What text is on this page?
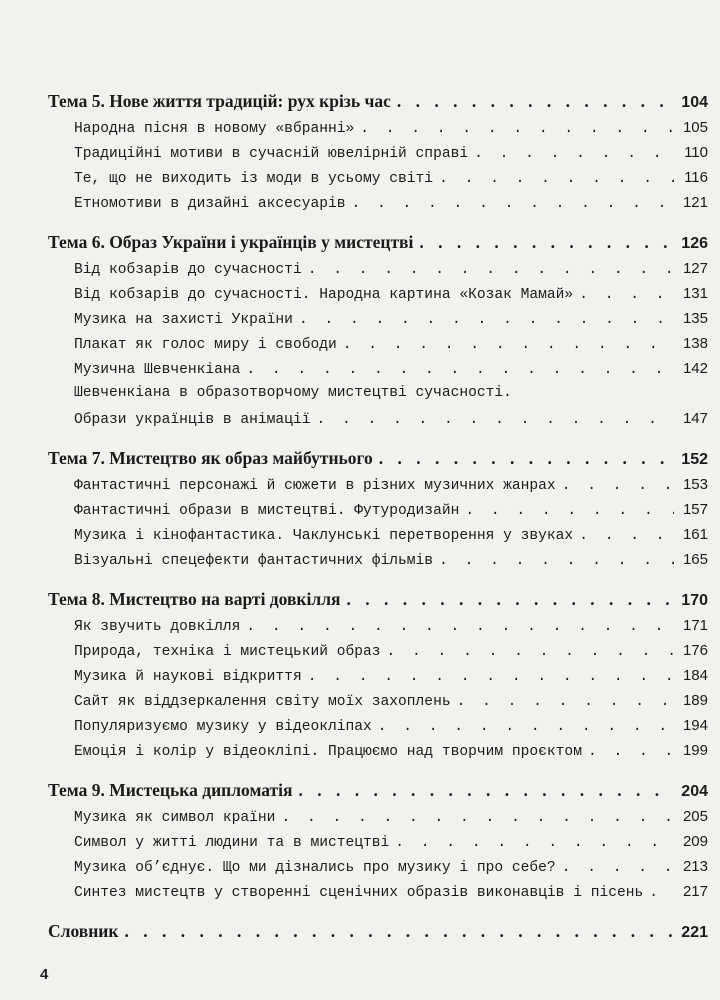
Тема 5. Нове життя традицій: рух крізь час . . .	104
Народна пісня в новому «вбранні» . . .	105
Традиційні мотиви в сучасній ювелірній справі . . .	110
Те, що не виходить із моди в усьому світі . . .	116
Етномотиви в дизайні аксесуарів . . .	121
Тема 6. Образ України і українців у мистецтві . . .	126
Від кобзарів до сучасності . . .	127
Від кобзарів до сучасності. Народна картина «Козак Мамай» . . .	131
Музика на захисті України . . .	135
Плакат як голос миру і свободи . . .	138
Музична Шевченкіана . . .	142
Шевченкіана в образотворчому мистецтві сучасності.
Образи українців в анімації . . .	147
Тема 7. Мистецтво як образ майбутнього . . .	152
Фантастичні персонажі й сюжети в різних музичних жанрах . . .	153
Фантастичні образи в мистецтві. Футуродизайн . . .	157
Музика і кінофантастика. Чаклунські перетворення у звуках . . .	161
Візуальні спецефекти фантастичних фільмів . . .	165
Тема 8. Мистецтво на варті довкілля . . .	170
Як звучить довкілля . . .	171
Природа, техніка і мистецький образ . . .	176
Музика й наукові відкриття . . .	184
Сайт як віддзеркалення світу моїх захоплень . . .	189
Популяризуємо музику у відеокліпах . . .	194
Емоція і колір у відеокліпі. Працюємо над творчим проєктом . . .	199
Тема 9. Мистецька дипломатія . . .	204
Музика як символ країни . . .	205
Символ у житті людини та в мистецтві . . .	209
Музика об’єднує. Що ми дізнались про музику і про себе? . . .	213
Синтез мистецтв у створенні сценічних образів виконавців і пісень . . .	217
Словник . . .	221
4
